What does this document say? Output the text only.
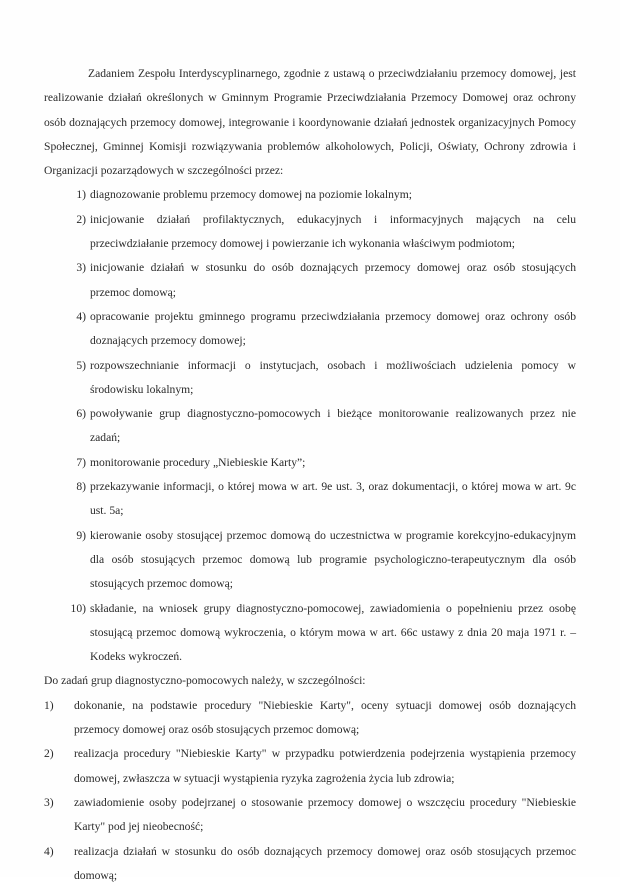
Zadaniem Zespołu Interdyscyplinarnego, zgodnie z ustawą o przeciwdziałaniu przemocy domowej, jest realizowanie działań określonych w Gminnym Programie Przeciwdziałania Przemocy Domowej oraz ochrony osób doznających przemocy domowej, integrowanie i koordynowanie działań jednostek organizacyjnych Pomocy Społecznej, Gminnej Komisji rozwiązywania problemów alkoholowych, Policji, Oświaty, Ochrony zdrowia i Organizacji pozarządowych w szczególności przez:

1) diagnozowanie problemu przemocy domowej na poziomie lokalnym;
2) inicjowanie działań profilaktycznych, edukacyjnych i informacyjnych mających na celu przeciwdziałanie przemocy domowej i powierzanie ich wykonania właściwym podmiotom;
3) inicjowanie działań w stosunku do osób doznających przemocy domowej oraz osób stosujących przemoc domową;
4) opracowanie projektu gminnego programu przeciwdziałania przemocy domowej oraz ochrony osób doznających przemocy domowej;
5) rozpowszechnianie informacji o instytucjach, osobach i możliwościach udzielenia pomocy w środowisku lokalnym;
6) powoływanie grup diagnostyczno-pomocowych i bieżące monitorowanie realizowanych przez nie zadań;
7) monitorowanie procedury „Niebieskie Karty”;
8) przekazywanie informacji, o której mowa w art. 9e ust. 3, oraz dokumentacji, o której mowa w art. 9c ust. 5a;
9) kierowanie osoby stosującej przemoc domową do uczestnictwa w programie korekcyjno-edukacyjnym dla osób stosujących przemoc domową lub programie psychologiczno-terapeutycznym dla osób stosujących przemoc domową;
10) składanie, na wniosek grupy diagnostyczno-pomocowej, zawiadomienia o popełnieniu przez osobę stosującą przemoc domową wykroczenia, o którym mowa w art. 66c ustawy z dnia 20 maja 1971 r. – Kodeks wykroczeń.

Do zadań grup diagnostyczno-pomocowych należy, w szczególności:

1)	dokonanie, na podstawie procedury "Niebieskie Karty", oceny sytuacji domowej osób doznających przemocy domowej oraz osób stosujących przemoc domową;
2)	realizacja procedury "Niebieskie Karty" w przypadku potwierdzenia podejrzenia wystąpienia przemocy domowej, zwłaszcza w sytuacji wystąpienia ryzyka zagrożenia życia lub zdrowia;
3)	zawiadomienie osoby podejrzanej o stosowanie przemocy domowej o wszczęciu procedury "Niebieskie Karty" pod jej nieobecność;
4)	realizacja działań w stosunku do osób doznających przemocy domowej oraz osób stosujących przemoc domową;
